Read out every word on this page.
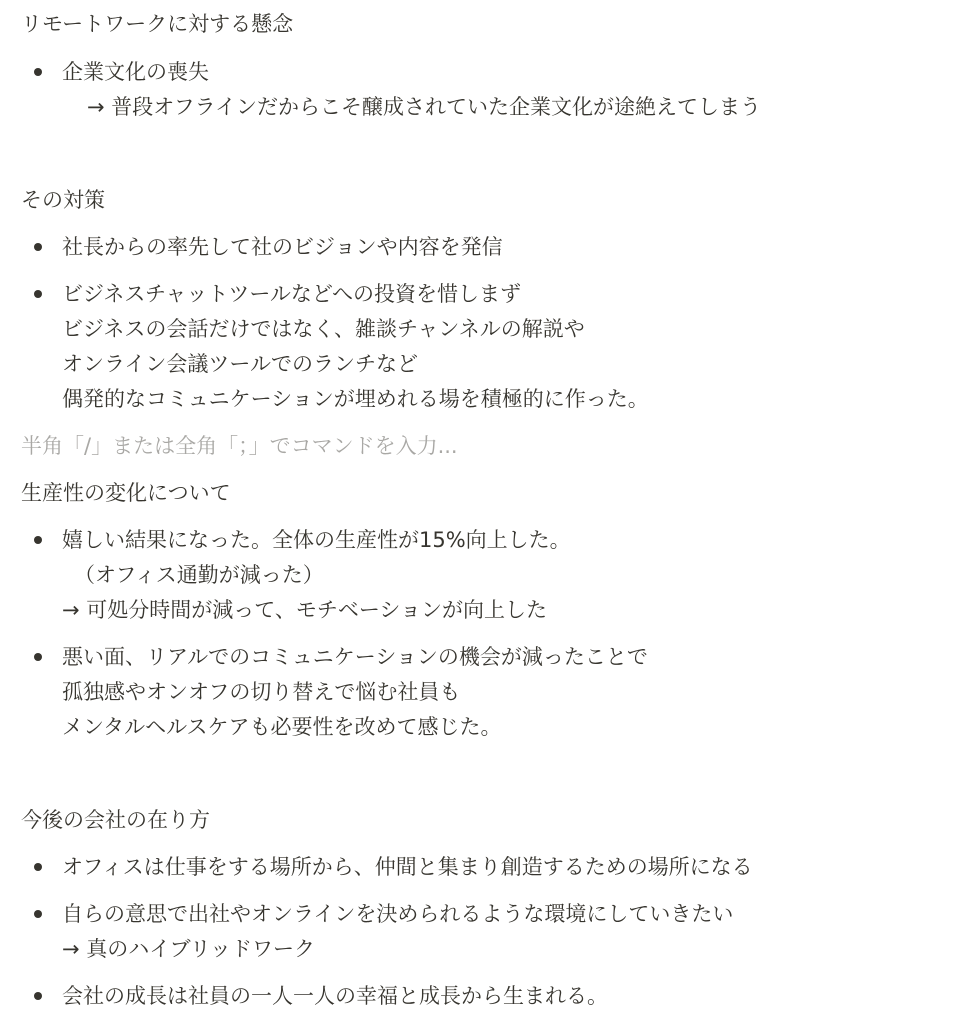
リモートワークに対する懸念
企業文化の喪失
　→ 普段オフラインだからこそ醸成されていた企業文化が途絶えてしまう
その対策
社長からの率先して社のビジョンや内容を発信
ビジネスチャットツールなどへの投資を惜しまず
ビジネスの会話だけではなく、雑談チャンネルの解説や
オンライン会議ツールでのランチなど
偶発的なコミュニケーションが埋めれる場を積極的に作った。
半角「/」または全角「；」でコマンドを入力...
生産性の変化について
嬉しい結果になった。全体の生産性が15%向上した。
（オフィス通勤が減った）
→ 可処分時間が減って、モチベーションが向上した
悪い面、リアルでのコミュニケーションの機会が減ったことで
孤独感やオンオフの切り替えで悩む社員も
メンタルヘルスケアも必要性を改めて感じた。
今後の会社の在り方
オフィスは仕事をする場所から、仲間と集まり創造するための場所になる
自らの意思で出社やオンラインを決められるような環境にしていきたい
→ 真のハイブリッドワーク
会社の成長は社員の一人一人の幸福と成長から生まれる。
